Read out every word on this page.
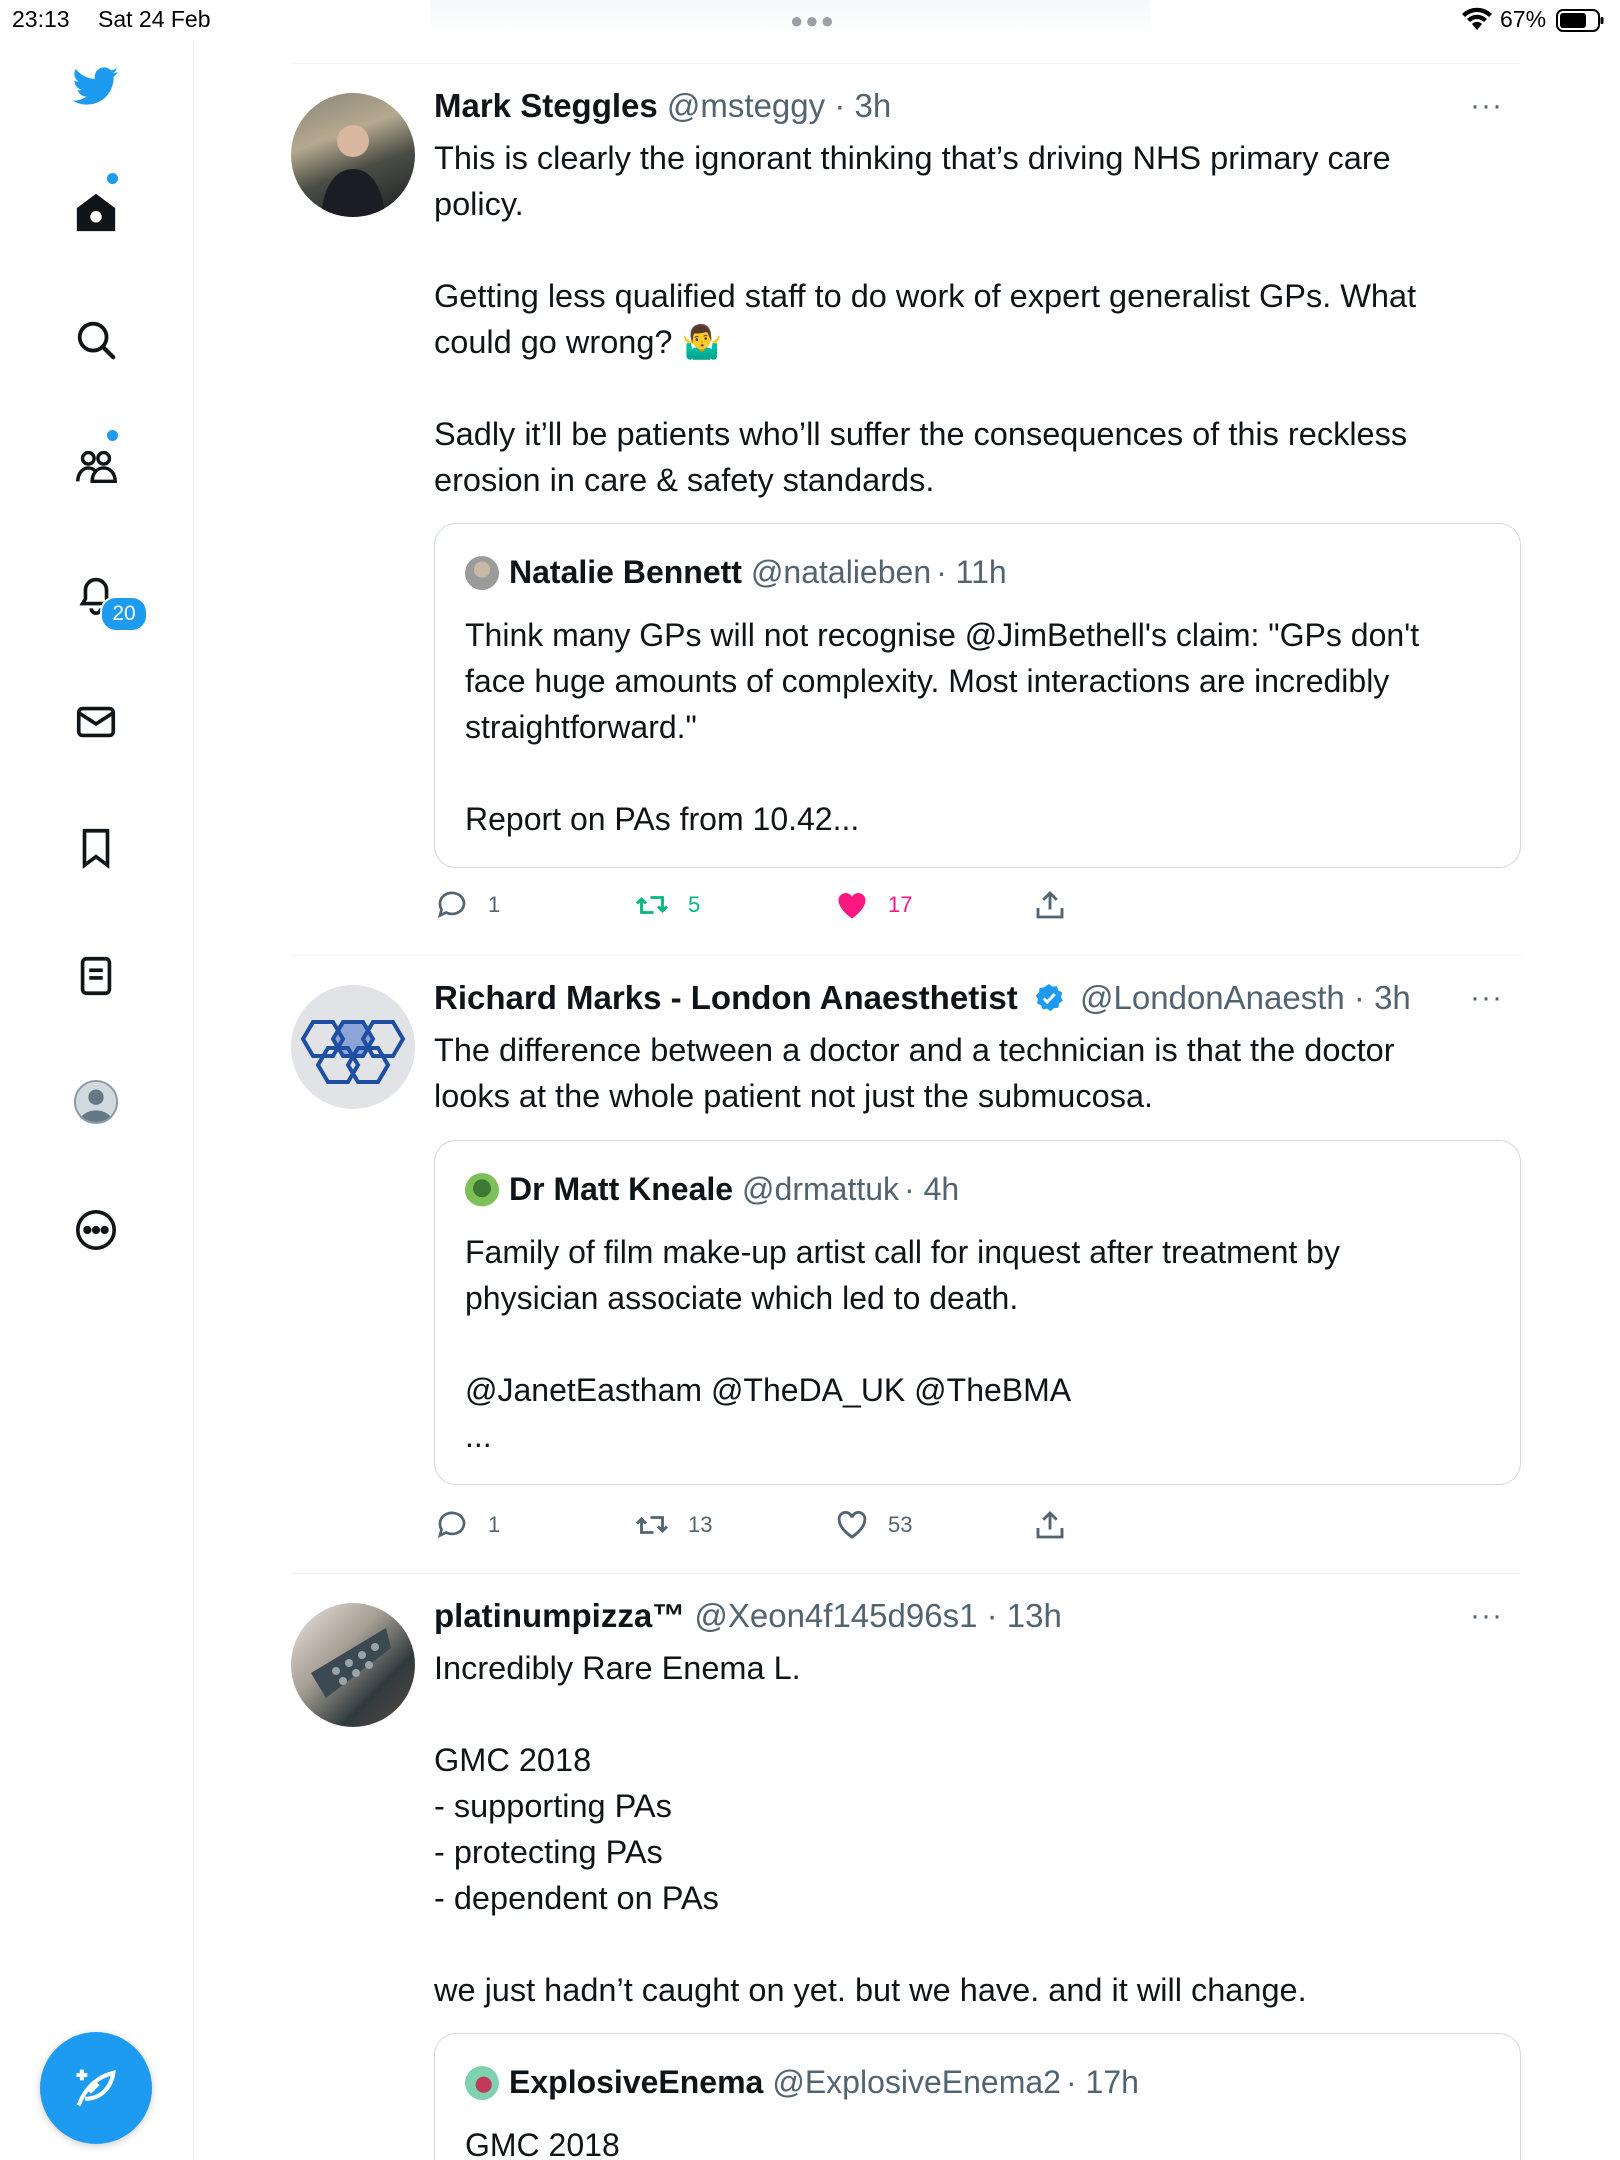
23:13 Sat 24 Feb	●●●	67%
20
Mark Steggles @msteggy · 3h	···
This is clearly the ignorant thinking that’s driving NHS primary care
policy.

Getting less qualified staff to do work of expert generalist GPs. What
could go wrong? 🤷‍♂️

Sadly it’ll be patients who’ll suffer the consequences of this reckless
erosion in care & safety standards.
Natalie Bennett @natalieben · 11h
Think many GPs will not recognise @JimBethell's claim: "GPs don't
face huge amounts of complexity. Most interactions are incredibly
straightforward."

Report on PAs from 10.42...
1	5	17
Richard Marks - London Anaesthetist @LondonAnaesth · 3h ···
The difference between a doctor and a technician is that the doctor
looks at the whole patient not just the submucosa.
Dr Matt Kneale @drmattuk · 4h
Family of film make-up artist call for inquest after treatment by
physician associate which led to death.

@JanetEastham @TheDA_UK @TheBMA
...
1	13	53
platinumpizza™ @Xeon4f145d96s1 · 13h	···
Incredibly Rare Enema L.

GMC 2018
- supporting PAs
- protecting PAs
- dependent on PAs

we just hadn’t caught on yet. but we have. and it will change.
ExplosiveEnema @ExplosiveEnema2 · 17h
GMC 2018
